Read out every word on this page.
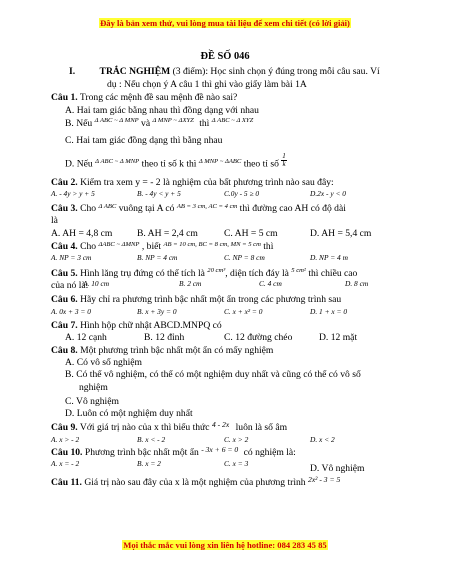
Đây là bản xem thử, vui lòng mua tài liệu để xem chi tiết (có lời giải)
ĐỀ SỐ 046
I.	TRẮC NGHIỆM (3 điểm): Học sinh chọn ý đúng trong mỗi câu sau. Ví
dụ : Nếu chọn ý A câu 1 thì ghi vào giấy làm bài 1A
Câu 1. Trong các mệnh đề sau mệnh đề nào sai?
A. Hai tam giác bằng nhau thì đồng dạng với nhau
B. Nếu $^{\Delta ABC \sim \Delta MNP}$ và $^{\Delta MNP \sim \Delta XYZ}$ thì $^{\Delta ABC \sim \Delta XYZ}$
C. Hai tam giác đồng dạng thì bằng nhau
D. Nếu $^{\Delta ABC \sim \Delta MNP}$ theo tỉ số k thì $^{\Delta MNP \sim \Delta ABC}$ theo tỉ số $\frac{1}{k}$
Câu 2. Kiểm tra xem y = - 2 là nghiệm của bất phương trình nào sau đây:
A. - 4y > y + 5	B. - 4y < y + 5	C.0y - 5 ≥ 0	D.2x - y < 0
Câu 3. Cho $^{\Delta ABC}$ vuông tại A có $^{AB = 3 cm, AC = 4 cm}$ thì đường cao AH có độ dài
là
A. AH = 4,8 cm	B. AH = 2,4 cm	C. AH = 5 cm	D. AH = 5,4 cm
Câu 4. Cho $^{\Delta ABC \sim \Delta MNP}$ , biết $^{AB = 10 cm, BC = 8 cm, MN = 5 cm}$ thì
A. NP = 3 cm	B. NP = 4 cm	C. NP = 8 cm	D. NP = 4 m
Câu 5. Hình lăng trụ đứng có thể tích là $^{20 cm^3}$, diện tích đáy là $^{5 cm^2}$ thì chiều cao
của nó là:
A. 10 cm	B. 2 cm	C. 4 cm	D. 8 cm
Câu 6. Hãy chỉ ra phương trình bậc nhất một ẩn trong các phương trình sau
A. 0x + 3 = 0	B. x + 3y = 0	C. x + x² = 0	D. 1 + x = 0
Câu 7. Hình hộp chữ nhật ABCD.MNPQ có
A. 12 cạnh	B. 12 đỉnh	C. 12 đường chéo	D. 12 mặt
Câu 8. Một phương trình bậc nhất một ẩn có mấy nghiệm
A. Có vô số nghiệm
B. Có thể vô nghiệm, có thể có một nghiệm duy nhất và cũng có thể có vô số
nghiệm
C. Vô nghiệm
D. Luôn có một nghiệm duy nhất
Câu 9. Với giá trị nào của x thì biểu thức $^{4 - 2x}$ luôn là số âm
A. x > - 2	B. x < - 2	C. x > 2	D. x < 2
Câu 10. Phương trình bậc nhất một ẩn $^{- 3x + 6 = 0}$ có nghiệm là:
A. x = - 2	B. x = 2	C. x = 3	D. Vô nghiệm
Câu 11. Giá trị nào sau đây của x là một nghiệm của phương trình $^{2x^2 - 3 = 5}$
Mọi thắc mắc vui lòng xin liên hệ hotline: 084 283 45 85
